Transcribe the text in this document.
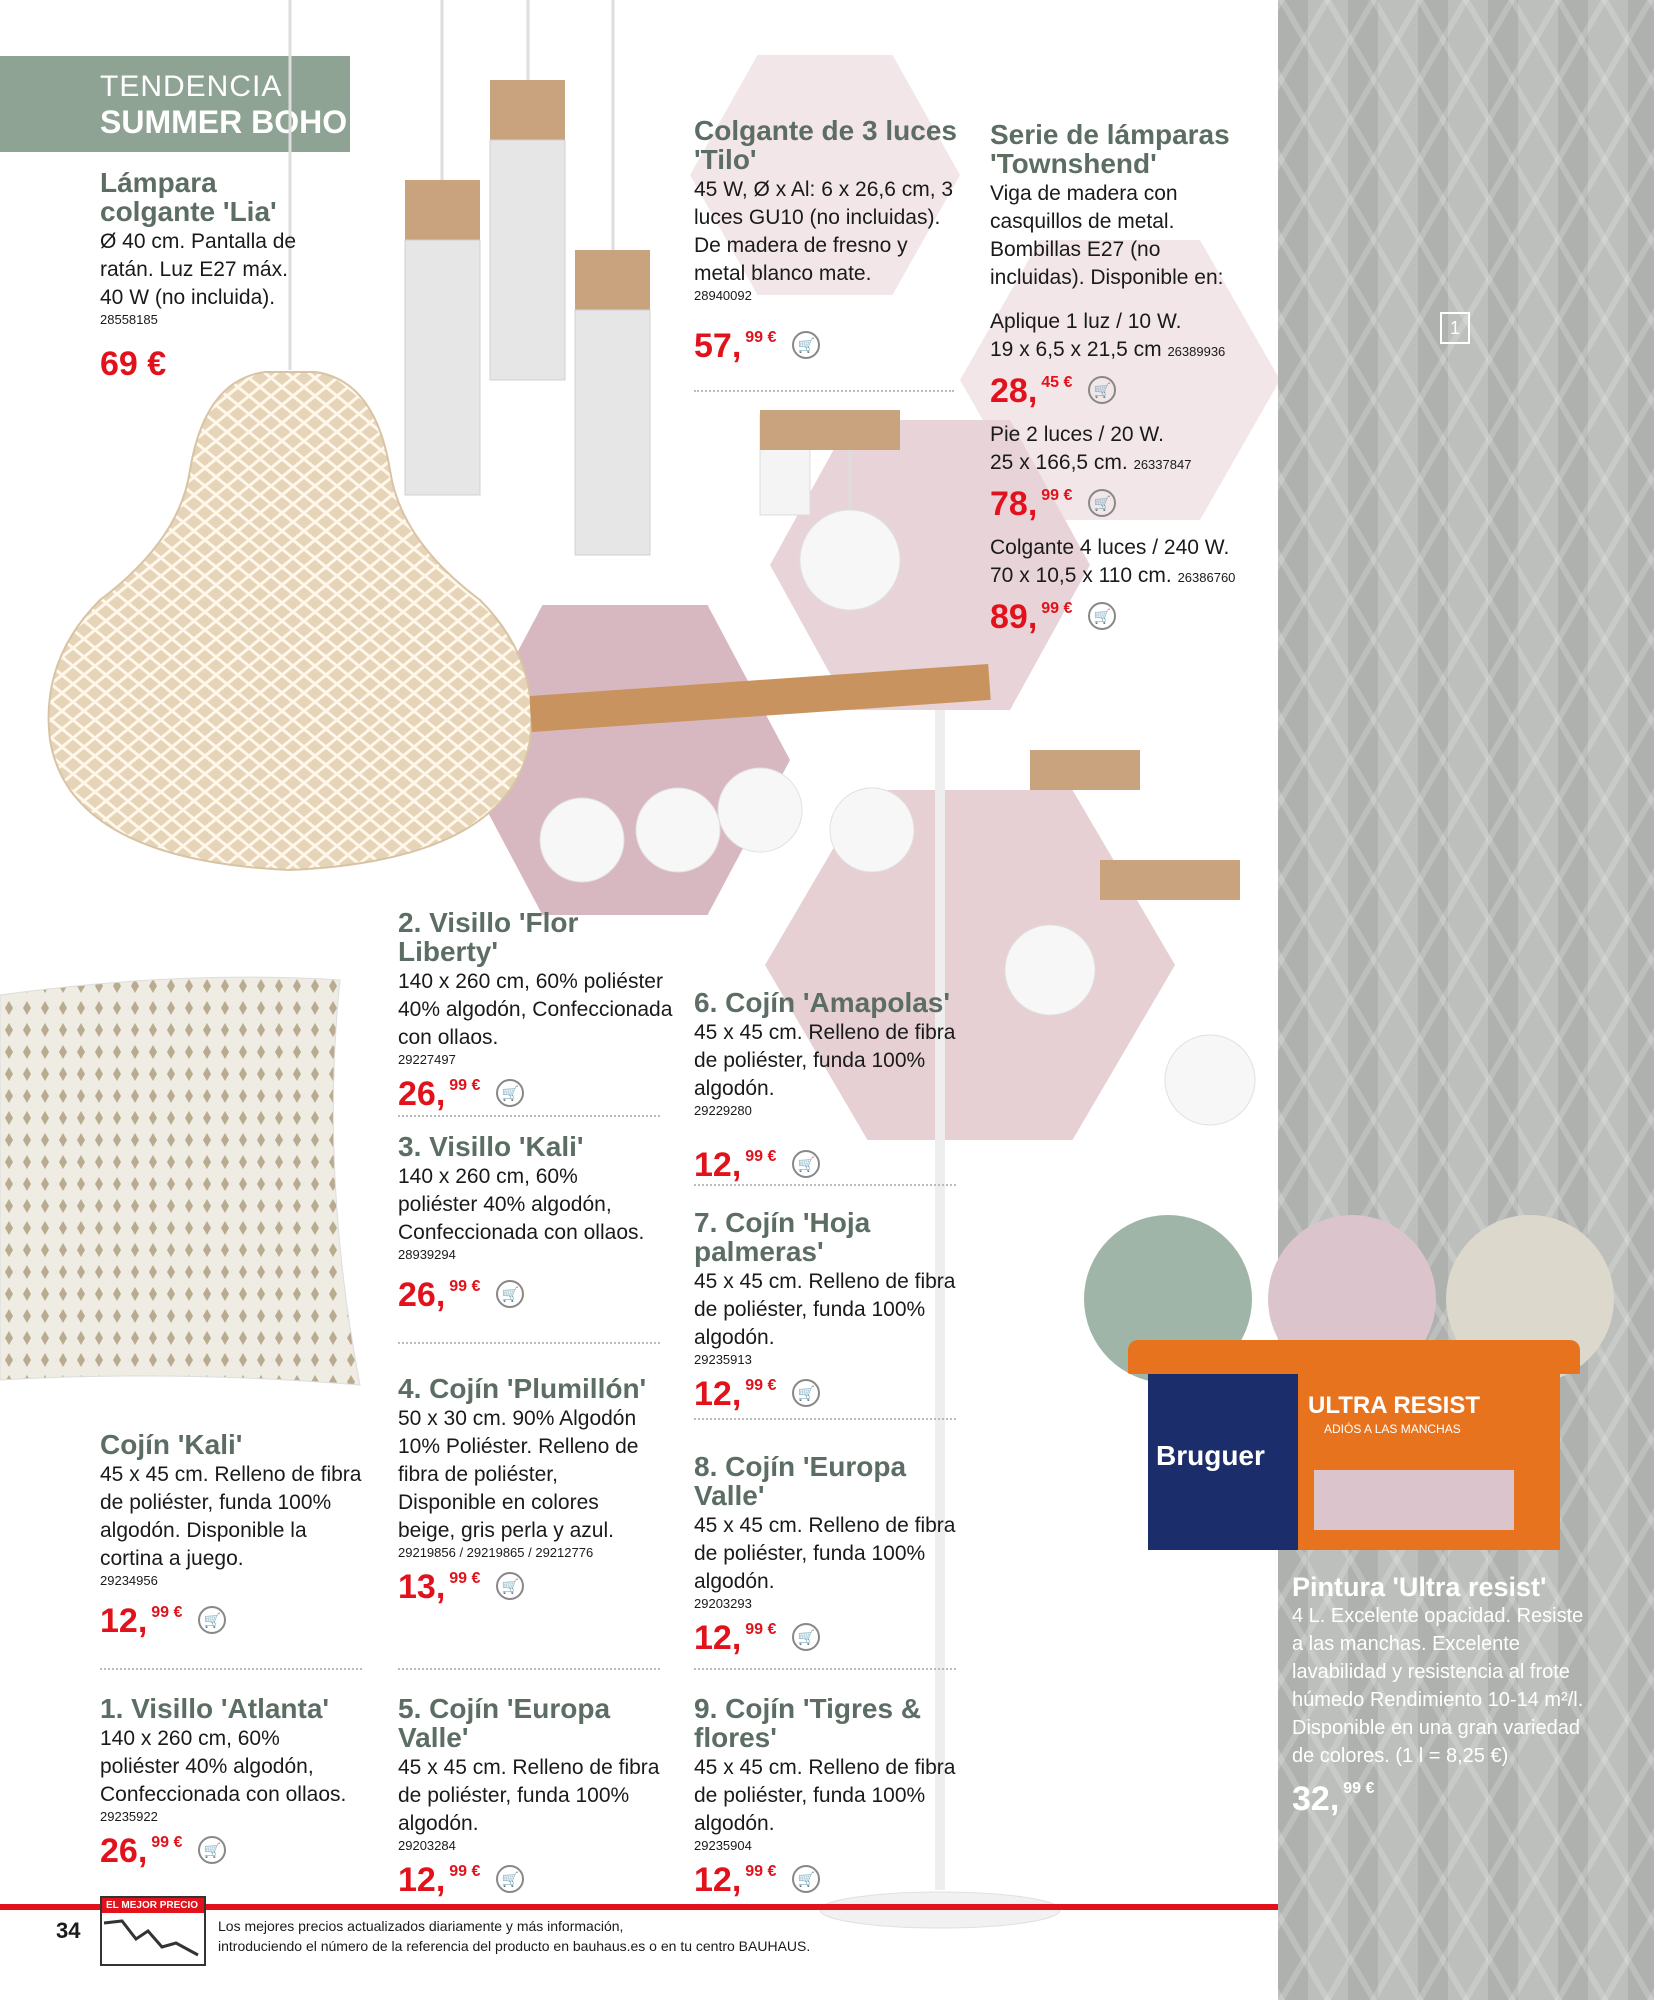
1
TENDENCIA
SUMMER BOHO
Bruguer
ULTRA RESIST
ADIÓS A LAS MANCHAS
Lámpara colgante 'Lia'
Ø 40 cm. Pantalla de ratán. Luz E27 máx. 40 W (no incluida).
28558185
69 €
Colgante de 3 luces 'Tilo'
45 W, Ø x Al: 6 x 26,6 cm, 3 luces GU10 (no incluidas). De madera de fresno y metal blanco mate.
28940092
57, 99 €	🛒
Serie de lámparas 'Townshend'
Viga de madera con casquillos de metal. Bombillas E27 (no incluidas). Disponible en:
Aplique 1 luz / 10 W.
19 x 6,5 x 21,5 cm 26389936
28, 45 €	🛒
Pie 2 luces / 20 W.
25 x 166,5 cm. 26337847
78, 99 €	🛒
Colgante 4 luces / 240 W.
70 x 10,5 x 110 cm. 26386760
89, 99 €	🛒
2. Visillo 'Flor Liberty'
140 x 260 cm, 60% poliéster 40% algodón, Confeccionada con ollaos.
29227497
26, 99 €	🛒
3. Visillo 'Kali'
140 x 260 cm, 60% poliéster 40% algodón, Confeccionada con ollaos.
28939294
26, 99 €	🛒
4. Cojín 'Plumillón'
50 x 30 cm. 90% Algodón 10% Poliéster. Relleno de fibra de poliéster, Disponible en colores beige, gris perla y azul.
29219856 / 29219865 / 29212776
13, 99 €	🛒
5. Cojín 'Europa Valle'
45 x 45 cm. Relleno de fibra de poliéster, funda 100% algodón.
29203284
12, 99 €	🛒
6. Cojín 'Amapolas'
45 x 45 cm. Relleno de fibra de poliéster, funda 100% algodón.
29229280
12, 99 €	🛒
7. Cojín 'Hoja palmeras'
45 x 45 cm. Relleno de fibra de poliéster, funda 100% algodón.
29235913
12, 99 €	🛒
8. Cojín 'Europa Valle'
45 x 45 cm. Relleno de fibra de poliéster, funda 100% algodón.
29203293
12, 99 €	🛒
9. Cojín 'Tigres & flores'
45 x 45 cm. Relleno de fibra de poliéster, funda 100% algodón.
29235904
12, 99 €	🛒
Cojín 'Kali'
45 x 45 cm. Relleno de fibra de poliéster, funda 100% algodón. Disponible la cortina a juego.
29234956
12, 99 €	🛒
1. Visillo 'Atlanta'
140 x 260 cm, 60% poliéster 40% algodón, Confeccionada con ollaos.
29235922
26, 99 €	🛒
Pintura 'Ultra resist'
4 L. Excelente opacidad. Resiste a las manchas. Excelente lavabilidad y resistencia al frote húmedo Rendimiento 10-14 m²/l. Disponible en una gran variedad de colores. (1 l = 8,25 €)
32, 99 €
34
EL MEJOR PRECIO
Los mejores precios actualizados diariamente y más información,
introduciendo el número de la referencia del producto en bauhaus.es o en tu centro BAUHAUS.
